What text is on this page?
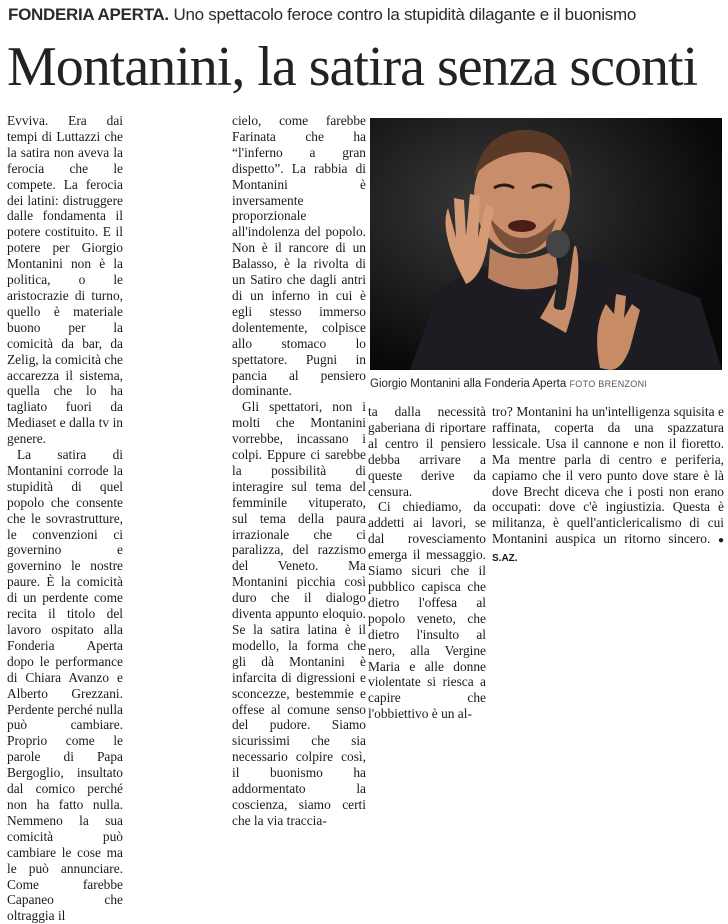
FONDERIA APERTA. Uno spettacolo feroce contro la stupidità dilagante e il buonismo
Montanini, la satira senza sconti

Evviva. Era dai tempi di Luttazzi che la satira non aveva la ferocia che le compete. La ferocia dei latini: distruggere dalle fondamenta il potere costituito. E il potere per Giorgio Montanini non è la politica, o le aristocrazie di turno, quello è materiale buono per la comicità da bar, da Zelig, la comicità che accarezza il sistema, quella che lo ha tagliato fuori da Mediaset e dalla tv in genere.

La satira di Montanini corrode la stupidità di quel popolo che consente che le sovrastrutture, le convenzioni ci governino e governino le nostre paure. È la comicità di un perdente come recita il titolo del lavoro ospitato alla Fonderia Aperta dopo le performance di Chiara Avanzo e Alberto Grezzani. Perdente perché nulla può cambiare. Proprio come le parole di Papa Bergoglio, insultato dal comico perché non ha fatto nulla. Nemmeno la sua comicità può cambiare le cose ma le può annunciare. Come farebbe Capaneo che oltraggia il

cielo, come farebbe Farinata che ha “l'inferno a gran dispetto”. La rabbia di Montanini è inversamente proporzionale all'indolenza del popolo. Non è il rancore di un Balasso, è la rivolta di un Satiro che dagli antri di un inferno in cui è egli stesso immerso dolentemente, colpisce allo stomaco lo spettatore. Pugni in pancia al pensiero dominante.

Gli spettatori, non i molti che Montanini vorrebbe, incassano i colpi. Eppure ci sarebbe la possibilità di interagire sul tema del femminile vituperato, sul tema della paura irrazionale che ci paralizza, del razzismo del Veneto. Ma Montanini picchia così duro che il dialogo diventa appunto eloquio. Se la satira latina è il modello, la forma che gli dà Montanini è infarcita di digressioni e sconcezze, bestemmie e offese al comune senso del pudore. Siamo sicurissimi che sia necessario colpire così, il buonismo ha addormentato la coscienza, siamo certi che la via traccia-

Giorgio Montanini alla Fonderia Aperta FOTO BRENZONI

ta dalla necessità gaberiana di riportare al centro il pensiero debba arrivare a queste derive da censura.

Ci chiediamo, da addetti ai lavori, se dal rovesciamento emerga il messaggio. Siamo sicuri che il pubblico capisca che dietro l'offesa al popolo veneto, che dietro l'insulto al nero, alla Vergine Maria e alle donne violentate si riesca a capire che l'obbiettivo è un al-

tro? Montanini ha un'intelligenza squisita e raffinata, coperta da una spazzatura lessicale. Usa il cannone e non il fioretto. Ma mentre parla di centro e periferia, capiamo che il vero punto dove stare è là dove Brecht diceva che i posti non erano occupati: dove c'è ingiustizia. Questa è militanza, è quell'anticlericalismo di cui Montanini auspica un ritorno sincero. ● S.AZ.
